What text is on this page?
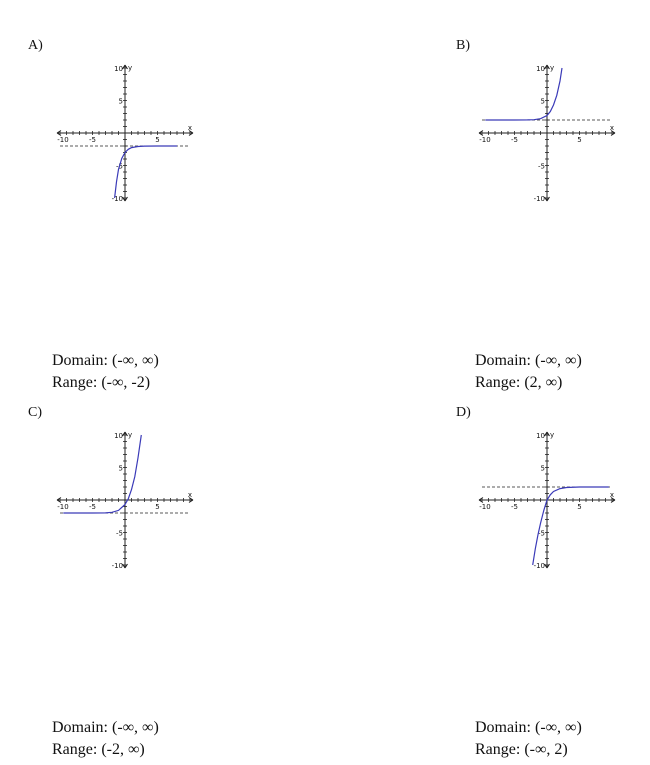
A)
-10	-5	5
10
5
-5
-10
x
y
Domain: (-∞, ∞)
Range: (-∞, -2)
B)
-10	-5	5
10
5
-5
-10
x
y
Domain: (-∞, ∞)
Range: (2, ∞)
C)
-10	-5	5
10
5
-5
-10
x
y
Domain: (-∞, ∞)
Range: (-2, ∞)
D)
-10	-5	5
10
5
-5
-10
x
y
Domain: (-∞, ∞)
Range: (-∞, 2)
